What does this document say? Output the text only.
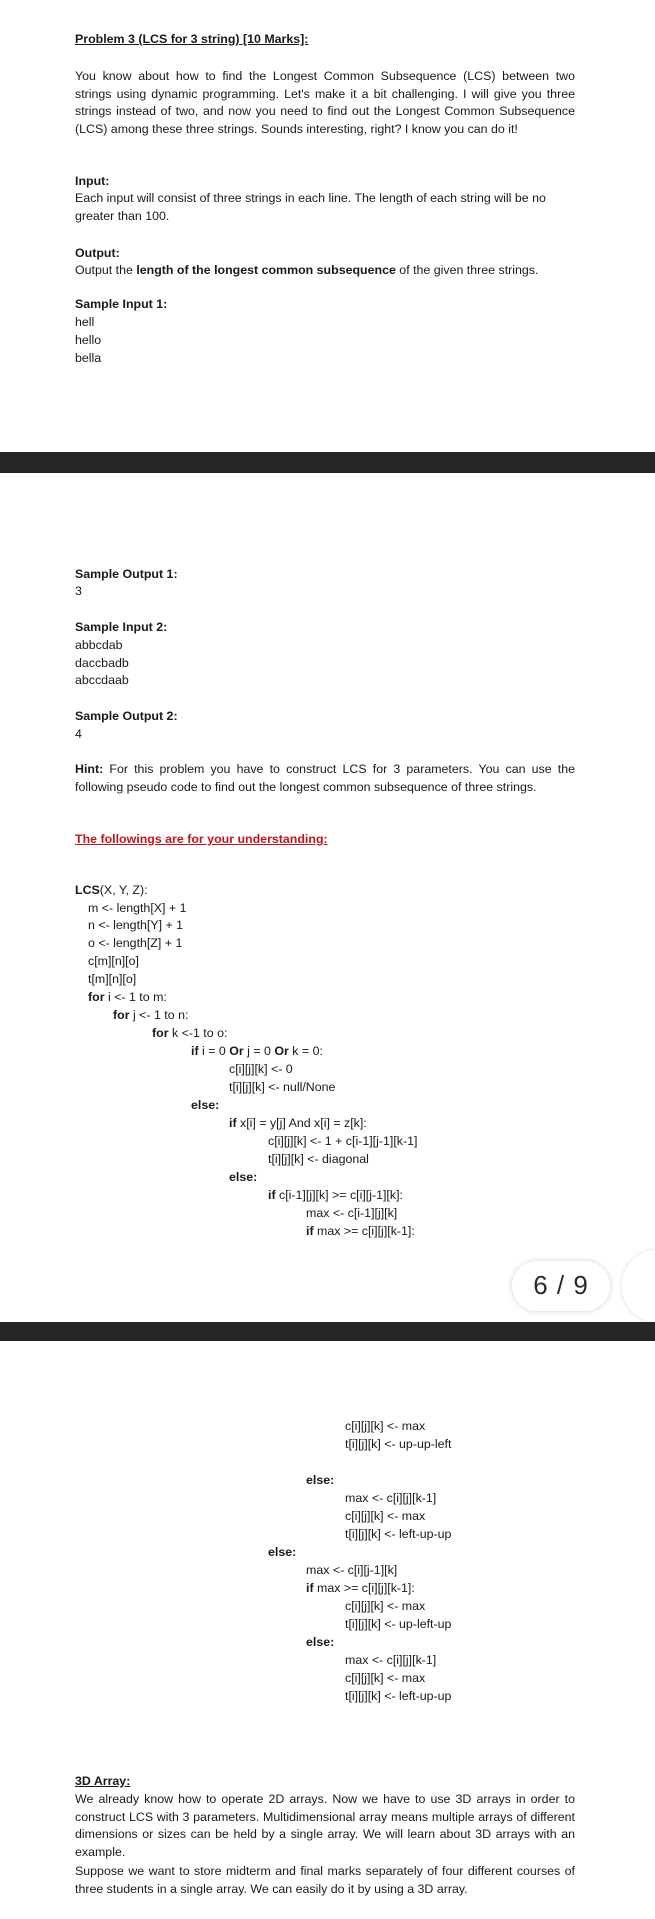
Problem 3 (LCS for 3 string) [10 Marks]:
You know about how to find the Longest Common Subsequence (LCS) between two strings using dynamic programming. Let's make it a bit challenging. I will give you three strings instead of two, and now you need to find out the Longest Common Subsequence (LCS) among these three strings. Sounds interesting, right? I know you can do it!
Input:
Each input will consist of three strings in each line. The length of each string will be no greater than 100.
Output:
Output the length of the longest common subsequence of the given three strings.
Sample Input 1:
hell
hello
bella
Sample Output 1:
3
Sample Input 2:
abbcdab
daccbadb
abccdaab
Sample Output 2:
4
Hint: For this problem you have to construct LCS for 3 parameters. You can use the following pseudo code to find out the longest common subsequence of three strings.
The followings are for your understanding:
LCS(X, Y, Z):
m <- length[X] + 1
n <- length[Y] + 1
o <- length[Z] + 1
c[m][n][o]
t[m][n][o]
for i <- 1 to m:
for j <- 1 to n:
for k <-1 to o:
if i = 0 Or j = 0 Or k = 0:
c[i][j][k] <- 0
t[i][j][k] <- null/None
else:
if x[i] = y[j] And x[i] = z[k]:
c[i][j][k] <- 1 + c[i-1][j-1][k-1]
t[i][j][k] <- diagonal
else:
if c[i-1][j][k] >= c[i][j-1][k]:
max <- c[i-1][j][k]
if max >= c[i][j][k-1]:
6 / 9
c[i][j][k] <- max
t[i][j][k] <- up-up-left
else:
max <- c[i][j][k-1]
c[i][j][k] <- max
t[i][j][k] <- left-up-up
else:
max <- c[i][j-1][k]
if max >= c[i][j][k-1]:
c[i][j][k] <- max
t[i][j][k] <- up-left-up
else:
max <- c[i][j][k-1]
c[i][j][k] <- max
t[i][j][k] <- left-up-up
3D Array:
We already know how to operate 2D arrays. Now we have to use 3D arrays in order to construct LCS with 3 parameters. Multidimensional array means multiple arrays of different dimensions or sizes can be held by a single array. We will learn about 3D arrays with an example.
Suppose we want to store midterm and final marks separately of four different courses of three students in a single array. We can easily do it by using a 3D array.
